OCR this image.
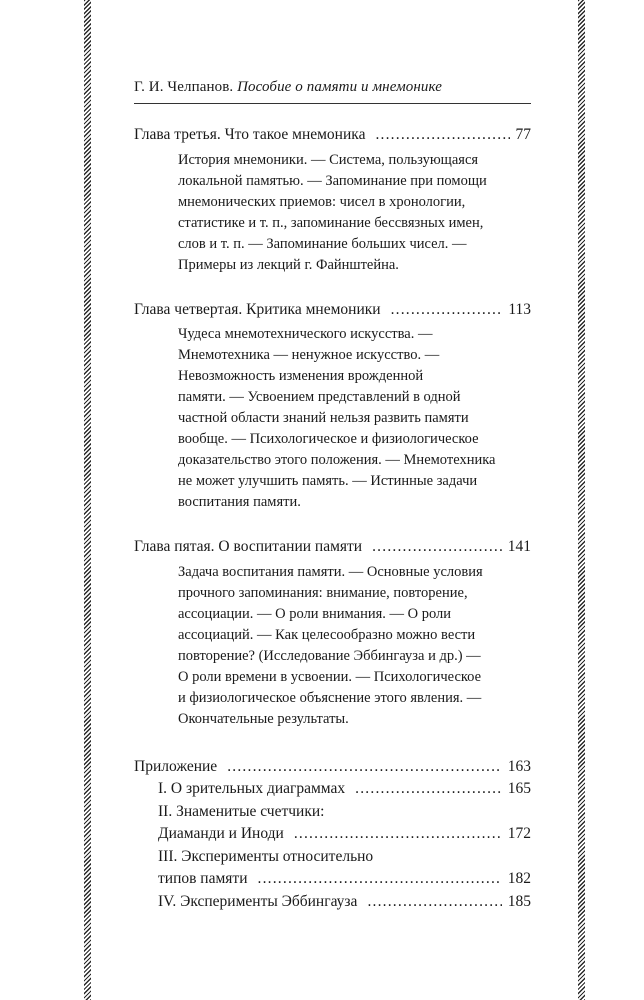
Г. И. Челпанов. Пособие о памяти и мнемонике
Глава третья. Что такое мнемоника .....	77
История мнемоники. — Система, пользующаяся
локальной памятью. — Запоминание при помощи
мнемонических приемов: чисел в хронологии,
статистике и т. п., запоминание бессвязных имен,
слов и т. п. — Запоминание больших чисел. —
Примеры из лекций г. Файнштейна.
Глава четвертая. Критика мнемоники .....	113
Чудеса мнемотехнического искусства. —
Мнемотехника — ненужное искусство. —
Невозможность изменения врожденной
памяти. — Усвоением представлений в одной
частной области знаний нельзя развить памяти
вообще. — Психологическое и физиологическое
доказательство этого положения. — Мнемотехника
не может улучшить память. — Истинные задачи
воспитания памяти.
Глава пятая. О воспитании памяти .....	141
Задача воспитания памяти. — Основные условия
прочного запоминания: внимание, повторение,
ассоциации. — О роли внимания. — О роли
ассоциаций. — Как целесообразно можно вести
повторение? (Исследование Эббингауза и др.) —
О роли времени в усвоении. — Психологическое
и физиологическое объяснение этого явления. —
Окончательные результаты.
Приложение .....	163
I. О зрительных диаграммах .....	165
II. Знаменитые счетчики:
Диаманди и Иноди .....	172
III. Эксперименты относительно
типов памяти .....	182
IV. Эксперименты Эббингауза .....	185
